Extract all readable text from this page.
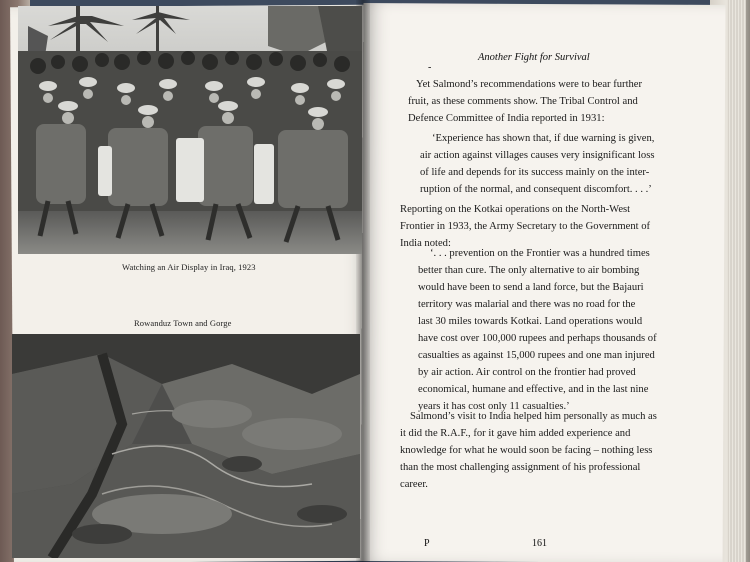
Watching an Air Display in Iraq, 1923
Rowanduz Town and Gorge
Another Fight for Survival
-
Yet Salmond’s recommendations were to bear further
fruit, as these comments show. The Tribal Control and
Defence Committee of India reported in 1931:
‘Experience has shown that, if due warning is given,
air action against villages causes very insignificant loss
of life and depends for its success mainly on the inter-
ruption of the normal, and consequent discomfort. . . .’
Reporting on the Kotkai operations on the North-West
Frontier in 1933, the Army Secretary to the Government of
India noted:
‘. . . prevention on the Frontier was a hundred times
better than cure. The only alternative to air bombing
would have been to send a land force, but the Bajauri
territory was malarial and there was no road for the
last 30 miles towards Kotkai. Land operations would
have cost over 100,000 rupees and perhaps thousands of
casualties as against 15,000 rupees and one man injured
by air action. Air control on the frontier had proved
economical, humane and effective, and in the last nine
years it has cost only 11 casualties.’
Salmond’s visit to India helped him personally as much as
it did the R.A.F., for it gave him added experience and
knowledge for what he would soon be facing – nothing less
than the most challenging assignment of his professional
career.
P	161
